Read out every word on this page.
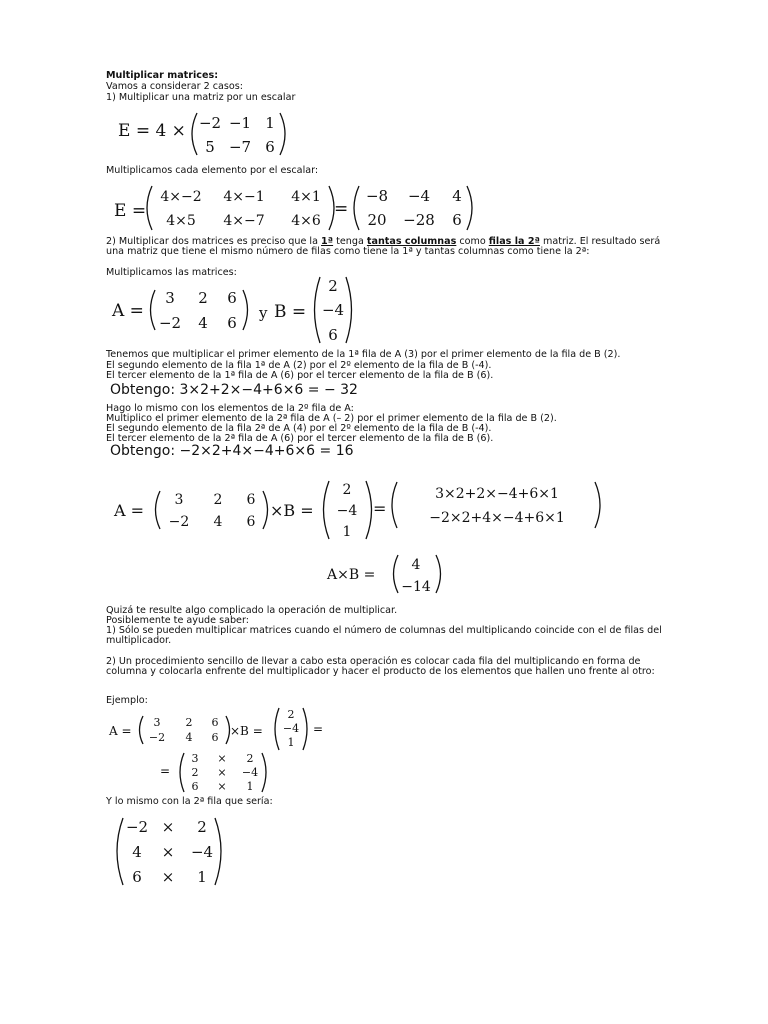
Multiplicar matrices:
Vamos a considerar 2 casos:
1) Multiplicar una matriz por un escalar
Multiplicamos cada elemento por el escalar:
2) Multiplicar dos matrices es preciso que la 1ª tenga tantas columnas como filas la 2ª matriz. El resultado será una matriz que tiene el mismo número de filas como tiene la 1ª y tantas columnas como tiene la 2ª:
Multiplicamos las matrices:
Tenemos que multiplicar el primer elemento de la 1ª fila de A (3) por el primer elemento de la fila de B (2).
El segundo elemento de la fila 1ª de A (2) por el 2º elemento de la fila de B (-4).
El tercer elemento de la 1ª fila de A (6) por el tercer elemento de la fila de B (6).
Obtengo: 3×2+2×−4+6×6 = − 32
Hago lo mismo con los elementos de la 2º fila de A:
Multiplico el primer elemento de la 2ª fila de A (– 2) por el primer elemento de la fila de B (2).
El segundo elemento de la fila 2ª de A (4) por el 2º elemento de la fila de B (-4).
El tercer elemento de la 2ª fila de A (6) por el tercer elemento de la fila de B (6).
Obtengo: −2×2+4×−4+6×6 = 16
Quizá te resulte algo complicado la operación de multiplicar.
Posiblemente te ayude saber:
1) Sólo se pueden multiplicar matrices cuando el número de columnas del multiplicando coincide con el de filas del multiplicador.
2) Un procedimiento sencillo de llevar a cabo esta operación es colocar cada fila del multiplicando en forma de columna y colocarla enfrente del multiplicador y hacer el producto de los elementos que hallen uno frente al otro:
Ejemplo:
Y lo mismo con la 2ª fila que sería:
E = 4 × −2 −1 1
5 −7 6
E =
4×−2 4×−1 4×1
4×5 4×−7 4×6
=
−8 −4 4
20 −28 6
A =
3 2 6
−2 4 6
y B =
2
−4
6
A =
3 2 6
−2 4 6
×B =
2
−4
1
=
3×2+2×−4+6×1
−2×2+4×−4+6×1
A×B =
4
−14
A =
3 2 6
−2 4 6 ×B =
2
−4
1
=
=
3 × 2
2 × −4
6 × 1
−2 × 2
4 × −4
6 × 1
